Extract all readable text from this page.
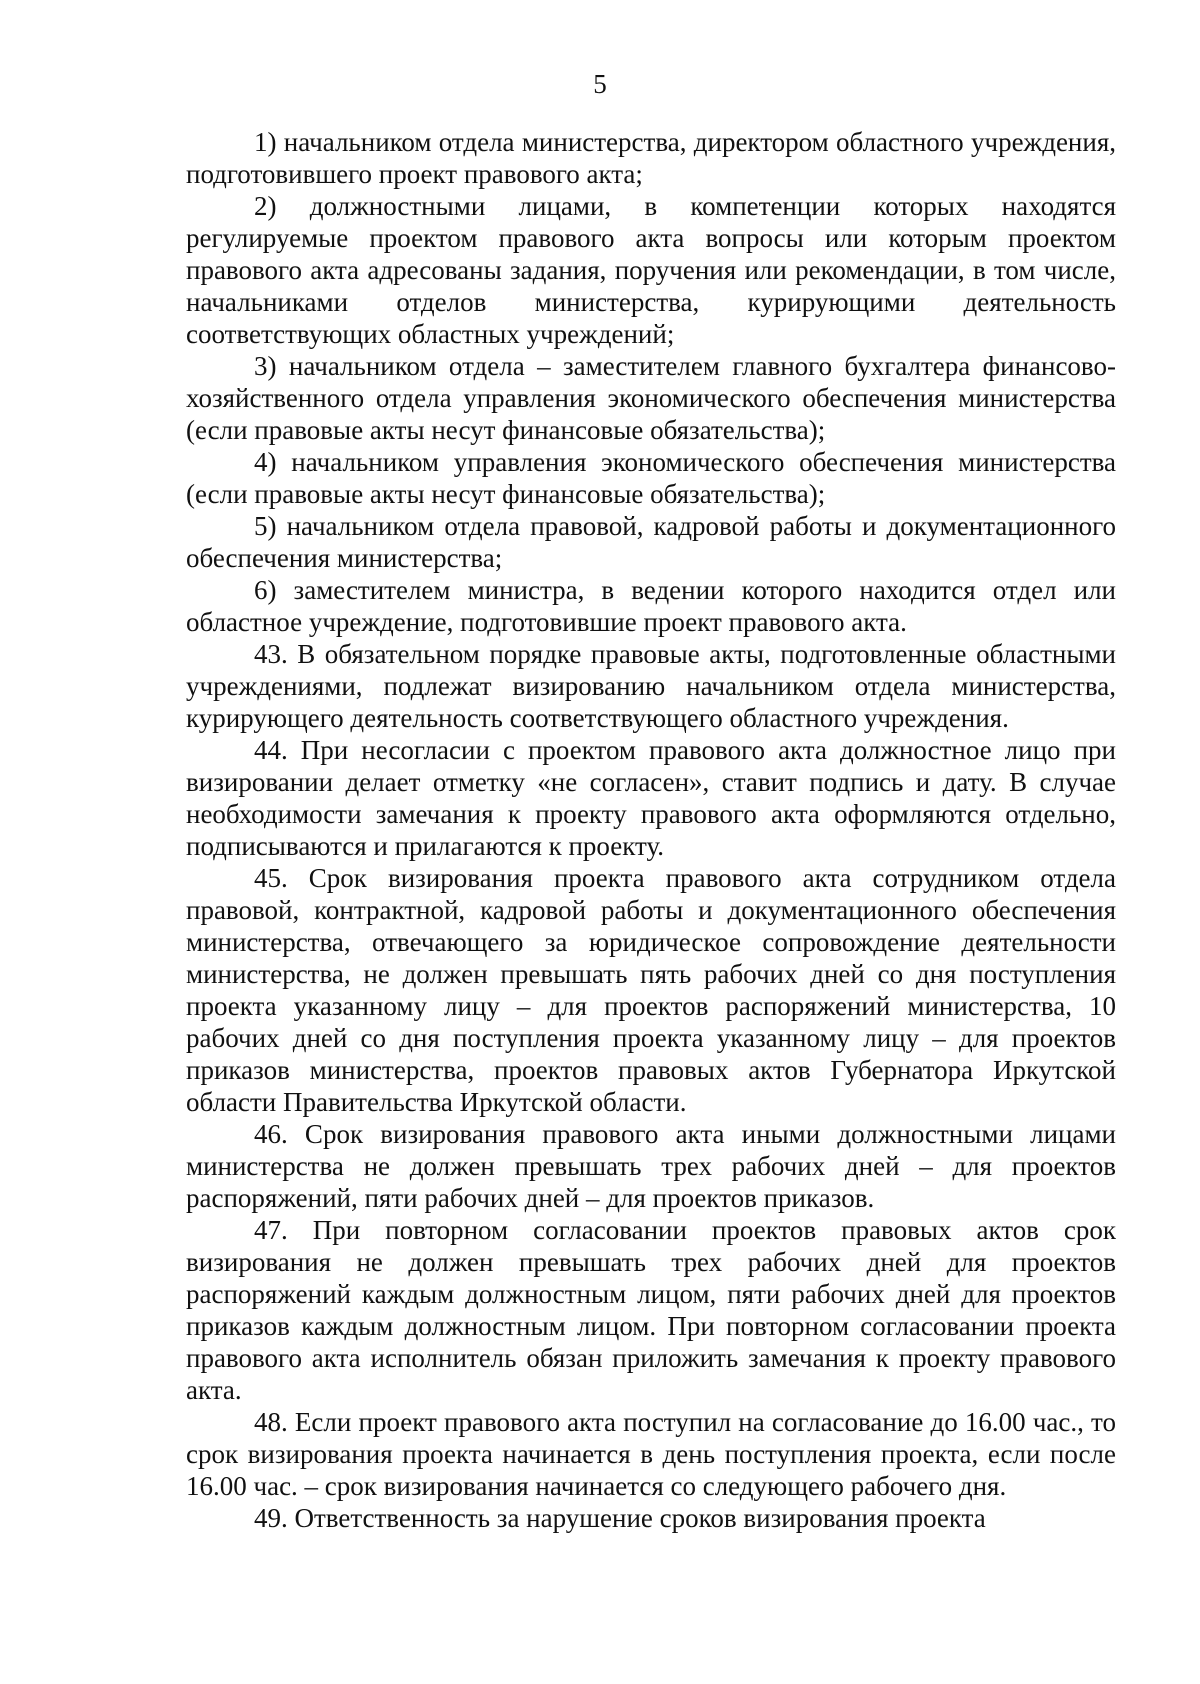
5

1) начальником отдела министерства, директором областного учреждения, подготовившего проект правового акта;

2) должностными лицами, в компетенции которых находятся регулируемые проектом правового акта вопросы или которым проектом правового акта адресованы задания, поручения или рекомендации, в том числе, начальниками отделов министерства, курирующими деятельность соответствующих областных учреждений;

3) начальником отдела – заместителем главного бухгалтера финансово-хозяйственного отдела управления экономического обеспечения министерства (если правовые акты несут финансовые обязательства);

4) начальником управления экономического обеспечения министерства (если правовые акты несут финансовые обязательства);

5) начальником отдела правовой, кадровой работы и документационного обеспечения министерства;

6) заместителем министра, в ведении которого находится отдел или областное учреждение, подготовившие проект правового акта.

43. В обязательном порядке правовые акты, подготовленные областными учреждениями, подлежат визированию начальником отдела министерства, курирующего деятельность соответствующего областного учреждения.

44. При несогласии с проектом правового акта должностное лицо при визировании делает отметку «не согласен», ставит подпись и дату. В случае необходимости замечания к проекту правового акта оформляются отдельно, подписываются и прилагаются к проекту.

45. Срок визирования проекта правового акта сотрудником отдела правовой, контрактной, кадровой работы и документационного обеспечения министерства, отвечающего за юридическое сопровождение деятельности министерства, не должен превышать пять рабочих дней со дня поступления проекта указанному лицу – для проектов распоряжений министерства, 10 рабочих дней со дня поступления проекта указанному лицу – для проектов приказов министерства, проектов правовых актов Губернатора Иркутской области Правительства Иркутской области.

46. Срок визирования правового акта иными должностными лицами министерства не должен превышать трех рабочих дней – для проектов распоряжений, пяти рабочих дней – для проектов приказов.

47. При повторном согласовании проектов правовых актов срок визирования не должен превышать трех рабочих дней для проектов распоряжений каждым должностным лицом, пяти рабочих дней для проектов приказов каждым должностным лицом. При повторном согласовании проекта правового акта исполнитель обязан приложить замечания к проекту правового акта.

48. Если проект правового акта поступил на согласование до 16.00 час., то срок визирования проекта начинается в день поступления проекта, если после 16.00 час. – срок визирования начинается со следующего рабочего дня.

49. Ответственность за нарушение сроков визирования проекта
